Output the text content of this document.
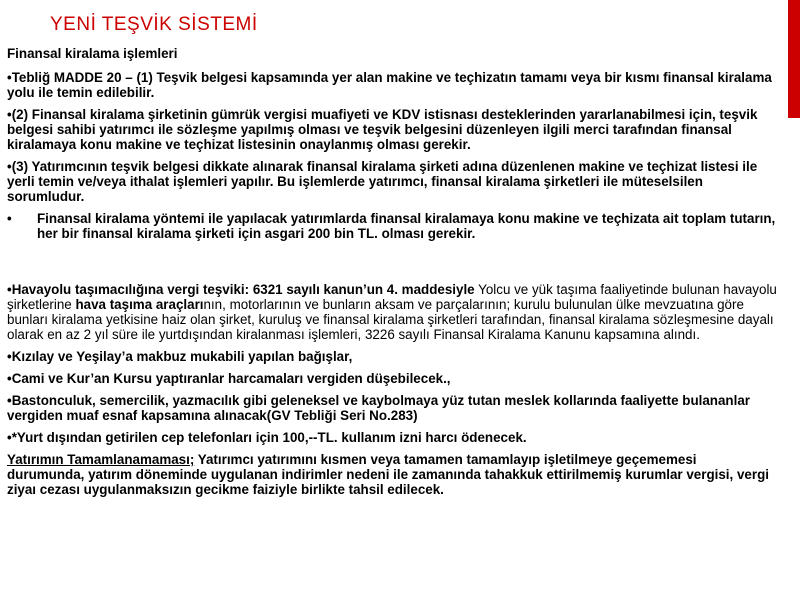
YENİ TEŞVİK SİSTEMİ
Finansal kiralama işlemleri
•Tebliğ MADDE 20 – (1) Teşvik belgesi kapsamında yer alan makine ve teçhizatın tamamı veya bir kısmı finansal kiralama yolu ile temin edilebilir.
•(2) Finansal kiralama şirketinin gümrük vergisi muafiyeti ve KDV istisnası desteklerinden yararlanabilmesi için, teşvik belgesi sahibi yatırımcı ile sözleşme yapılmış olması ve teşvik belgesini düzenleyen ilgili merci tarafından finansal kiralamaya konu makine ve teçhizat listesinin onaylanmış olması gerekir.
•(3) Yatırımcının teşvik belgesi dikkate alınarak finansal kiralama şirketi adına düzenlenen makine ve teçhizat listesi ile yerli temin ve/veya ithalat işlemleri yapılır. Bu işlemlerde yatırımcı, finansal kiralama şirketleri ile müteselsilen sorumludur.
• Finansal kiralama yöntemi ile yapılacak yatırımlarda finansal kiralamaya konu makine ve teçhizata ait toplam tutarın, her bir finansal kiralama şirketi için asgari 200 bin TL. olması gerekir.
•Havayolu taşımacılığına vergi teşviki: 6321 sayılı kanun’un 4. maddesiyle Yolcu ve yük taşıma faaliyetinde bulunan havayolu şirketlerine hava taşıma araçlarının, motorlarının ve bunların aksam ve parçalarının; kurulu bulunulan ülke mevzuatına göre bunları kiralama yetkisine haiz olan şirket, kuruluş ve finansal kiralama şirketleri tarafından, finansal kiralama sözleşmesine dayalı olarak en az 2 yıl süre ile yurtdışından kiralanması işlemleri, 3226 sayılı Finansal Kiralama Kanunu kapsamına alındı.
•Kızılay ve Yeşilay’a makbuz mukabili yapılan bağışlar,
•Cami ve Kur’an Kursu yaptıranlar harcamaları vergiden düşebilecek.,
•Bastonculuk, semercilik, yazmacılık gibi geleneksel ve kaybolmaya yüz tutan meslek kollarında faaliyette bulananlar vergiden muaf esnaf kapsamına alınacak(GV Tebliği Seri No.283)
•*Yurt dışından getirilen cep telefonları için 100,--TL. kullanım izni harcı ödenecek.
Yatırımın Tamamlanamaması; Yatırımcı yatırımını kısmen veya tamamen tamamlayıp işletilmeye geçememesi durumunda, yatırım döneminde uygulanan indirimler nedeni ile zamanında tahakkuk ettirilmemiş kurumlar vergisi, vergi ziyaı cezası uygulanmaksızın gecikme faiziyle birlikte tahsil edilecek.
